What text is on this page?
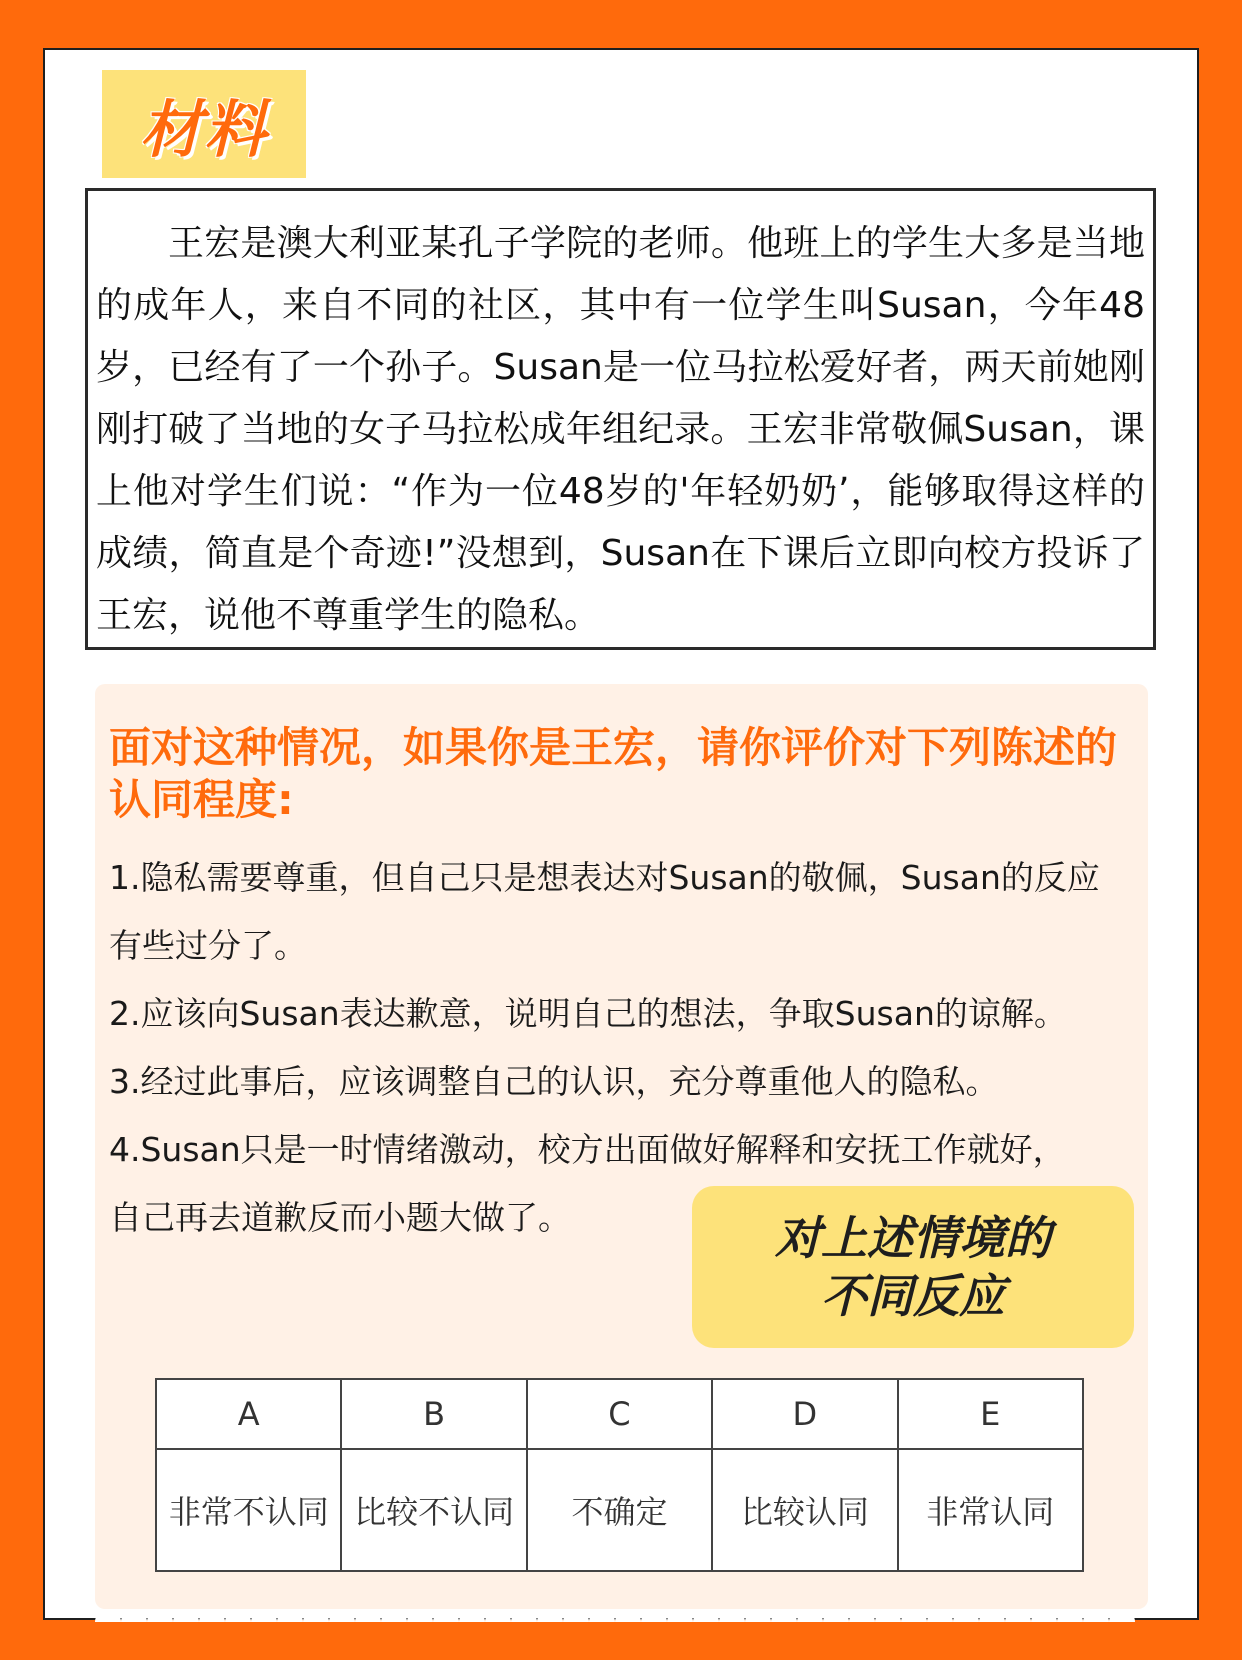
材料

王宏是澳大利亚某孔子学院的老师。他班上的学生大多是当地的成年人，来自不同的社区，其中有一位学生叫Susan，今年48岁，已经有了一个孙子。Susan是一位马拉松爱好者，两天前她刚刚打破了当地的女子马拉松成年组纪录。王宏非常敬佩Susan，课上他对学生们说：“作为一位48岁的'年轻奶奶’，能够取得这样的成绩，简直是个奇迹!”没想到，Susan在下课后立即向校方投诉了王宏，说他不尊重学生的隐私。

面对这种情况，如果你是王宏，请你评价对下列陈述的认同程度:

1.隐私需要尊重，但自己只是想表达对Susan的敬佩，Susan的反应有些过分了。

2.应该向Susan表达歉意，说明自己的想法，争取Susan的谅解。

3.经过此事后，应该调整自己的认识，充分尊重他人的隐私。

4.Susan只是一时情绪激动，校方出面做好解释和安抚工作就好，

自己再去道歉反而小题大做了。	对上述情境的
不同反应
A	B	C	D	E
非常不认同	比较不认同	不确定	比较认同	非常认同
